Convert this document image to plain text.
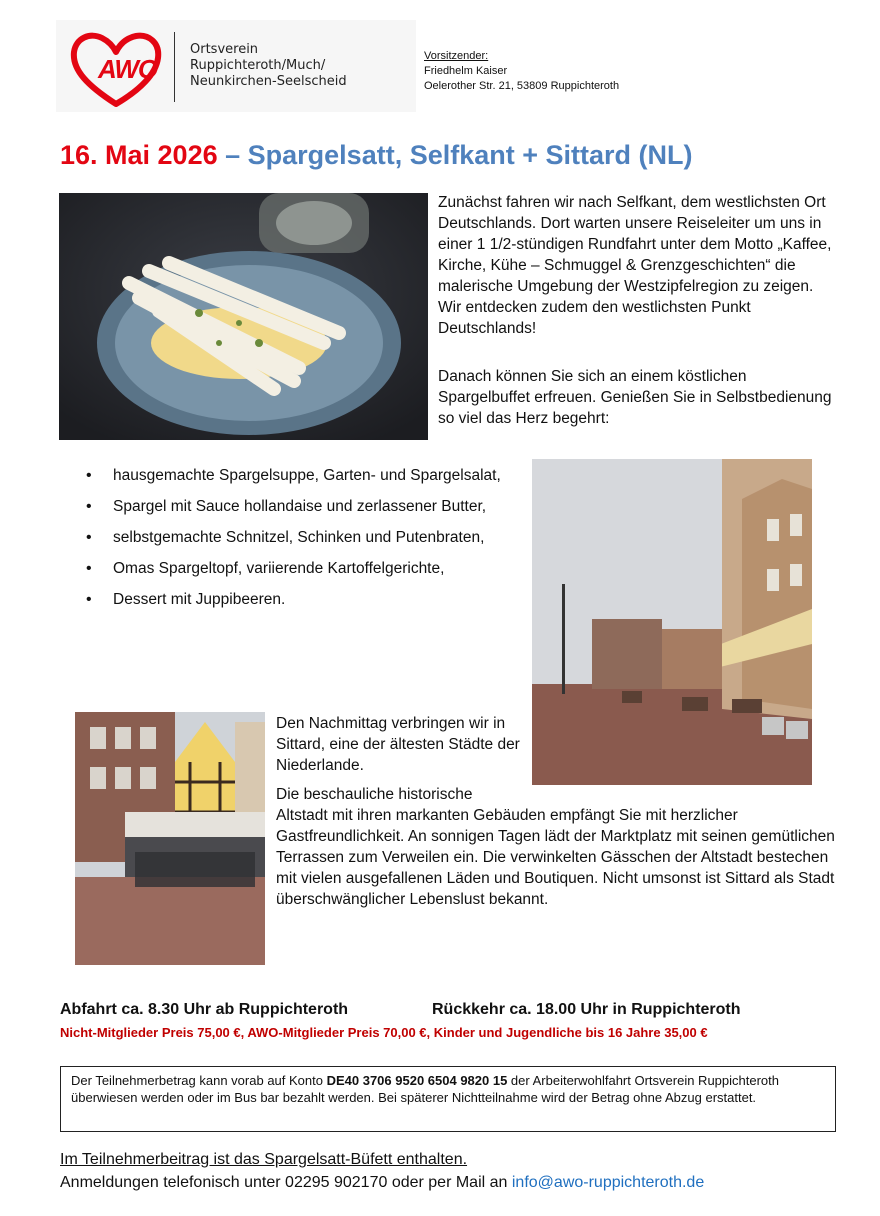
AWO
Ortsverein
Ruppichteroth/Much/
Neunkirchen-Seelscheid
Vorsitzender:
Friedhelm Kaiser
Oelerother Str. 21, 53809 Ruppichteroth
16. Mai 2026 – Spargelsatt, Selfkant + Sittard (NL)
Zunächst fahren wir nach Selfkant, dem westlichsten Ort Deutschlands. Dort warten unsere Reiseleiter um uns in einer 1 1/2-stündigen Rundfahrt unter dem Motto „Kaffee, Kirche, Kühe – Schmuggel & Grenzgeschichten“ die malerische Umgebung der Westzipfelregion zu zeigen. Wir entdecken zudem den westlichsten Punkt Deutschlands!
Danach können Sie sich an einem köstlichen Spargelbuffet erfreuen. Genießen Sie in Selbstbedienung so viel das Herz begehrt:
• hausgemachte Spargelsuppe, Garten- und Spargelsalat,
• Spargel mit Sauce hollandaise und zerlassener Butter,
• selbstgemachte Schnitzel, Schinken und Putenbraten,
• Omas Spargeltopf, variierende Kartoffelgerichte,
• Dessert mit Juppibeeren.
Den Nachmittag verbringen wir in Sittard, eine der ältesten Städte der Niederlande.
Die beschauliche historische
Altstadt mit ihren markanten Gebäuden empfängt Sie mit herzlicher Gastfreundlichkeit. An sonnigen Tagen lädt der Marktplatz mit seinen gemütlichen Terrassen zum Verweilen ein. Die verwinkelten Gässchen der Altstadt bestechen mit vielen ausgefallenen Läden und Boutiquen. Nicht umsonst ist Sittard als Stadt überschwänglicher Lebenslust bekannt.
Abfahrt ca. 8.30 Uhr ab Ruppichteroth	Rückkehr ca. 18.00 Uhr in Ruppichteroth
Nicht-Mitglieder Preis 75,00 €, AWO-Mitglieder Preis 70,00 €, Kinder und Jugendliche bis 16 Jahre 35,00 €
Der Teilnehmerbetrag kann vorab auf Konto DE40 3706 9520 6504 9820 15 der Arbeiterwohlfahrt Ortsverein Ruppichteroth überwiesen werden oder im Bus bar bezahlt werden. Bei späterer Nichtteilnahme wird der Betrag ohne Abzug erstattet.
Im Teilnehmerbeitrag ist das Spargelsatt-Büfett enthalten.
Anmeldungen telefonisch unter 02295 902170 oder per Mail an info@awo-ruppichteroth.de
